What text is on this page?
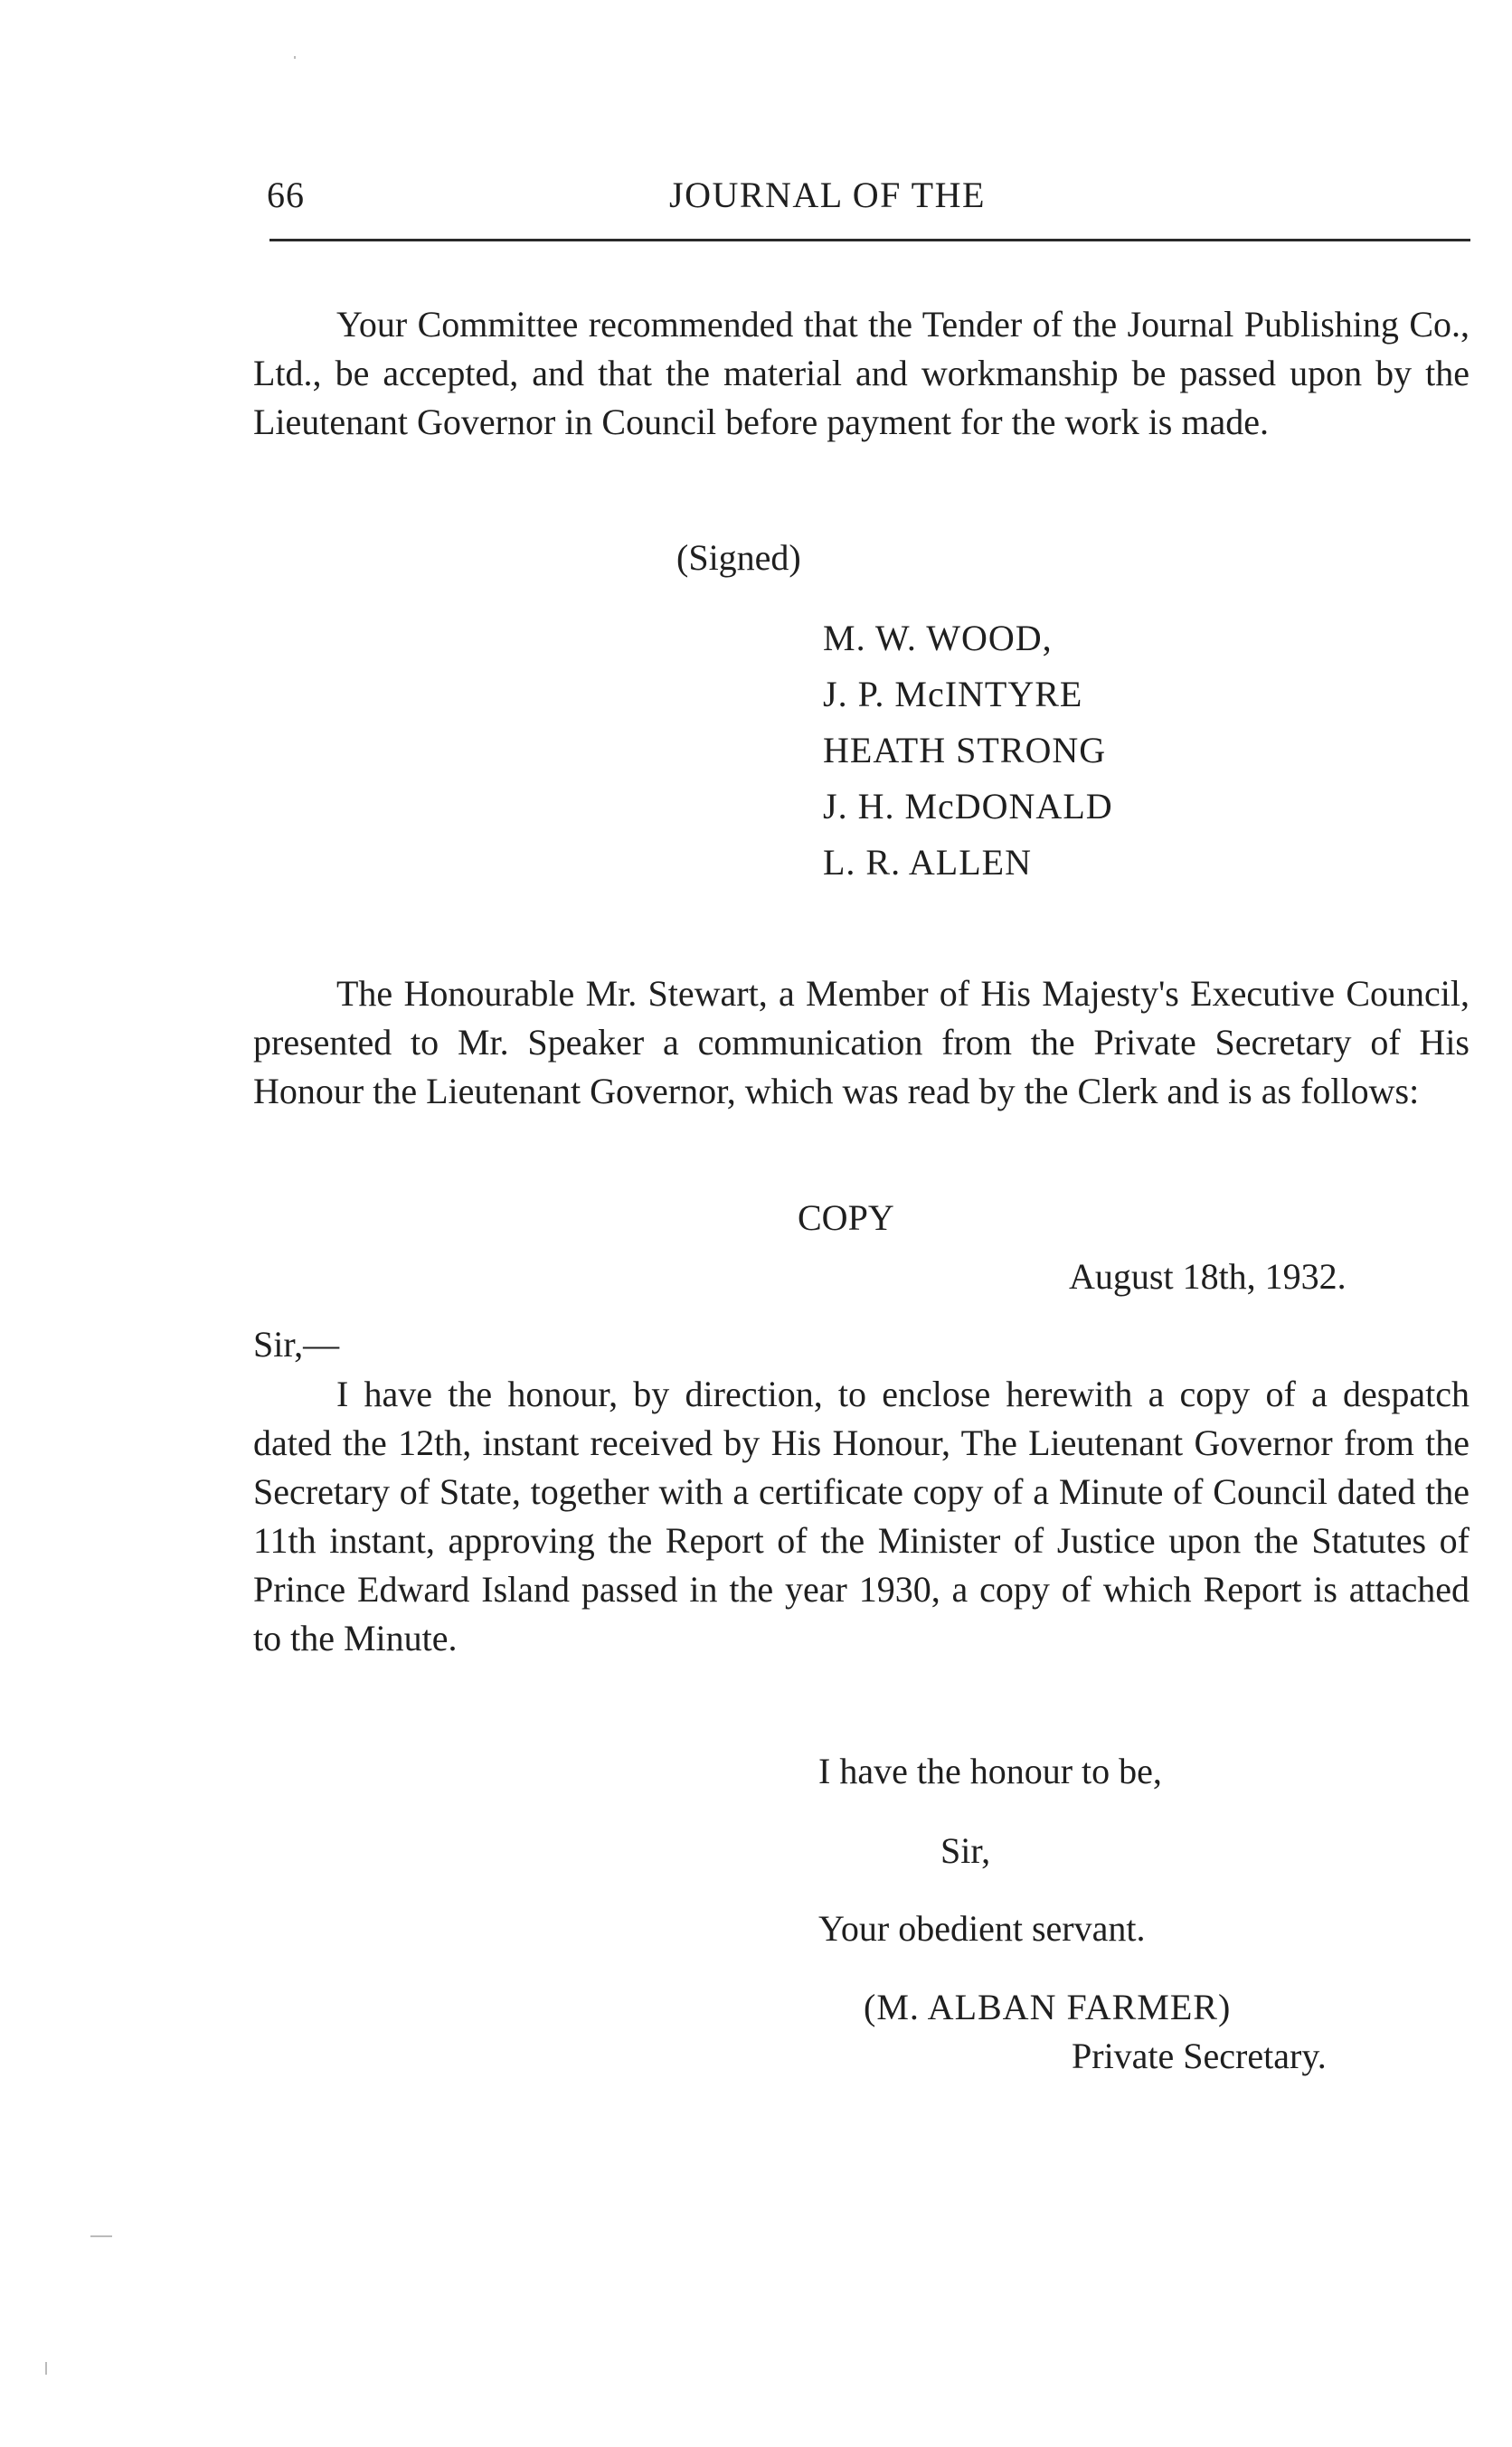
66	JOURNAL OF THE

Your Committee recommended that the Tender of the Journal Publishing Co., Ltd., be accepted, and that the material and workmanship be passed upon by the Lieutenant Governor in Council before payment for the work is made.

(Signed)

M. W. WOOD,
J. P. McINTYRE
HEATH STRONG
J. H. McDONALD
L. R. ALLEN

The Honourable Mr. Stewart, a Member of His Majesty's Executive Council, presented to Mr. Speaker a communication from the Private Secretary of His Honour the Lieutenant Governor, which was read by the Clerk and is as follows:

COPY

August 18th, 1932.

Sir,—

I have the honour, by direction, to enclose herewith a copy of a despatch dated the 12th, instant received by His Honour, The Lieutenant Governor from the Secretary of State, together with a certificate copy of a Minute of Council dated the 11th instant, approving the Report of the Minister of Justice upon the Statutes of Prince Edward Island passed in the year 1930, a copy of which Report is attached to the Minute.

I have the honour to be,

Sir,

Your obedient servant.

(M. ALBAN FARMER)

Private Secretary.
